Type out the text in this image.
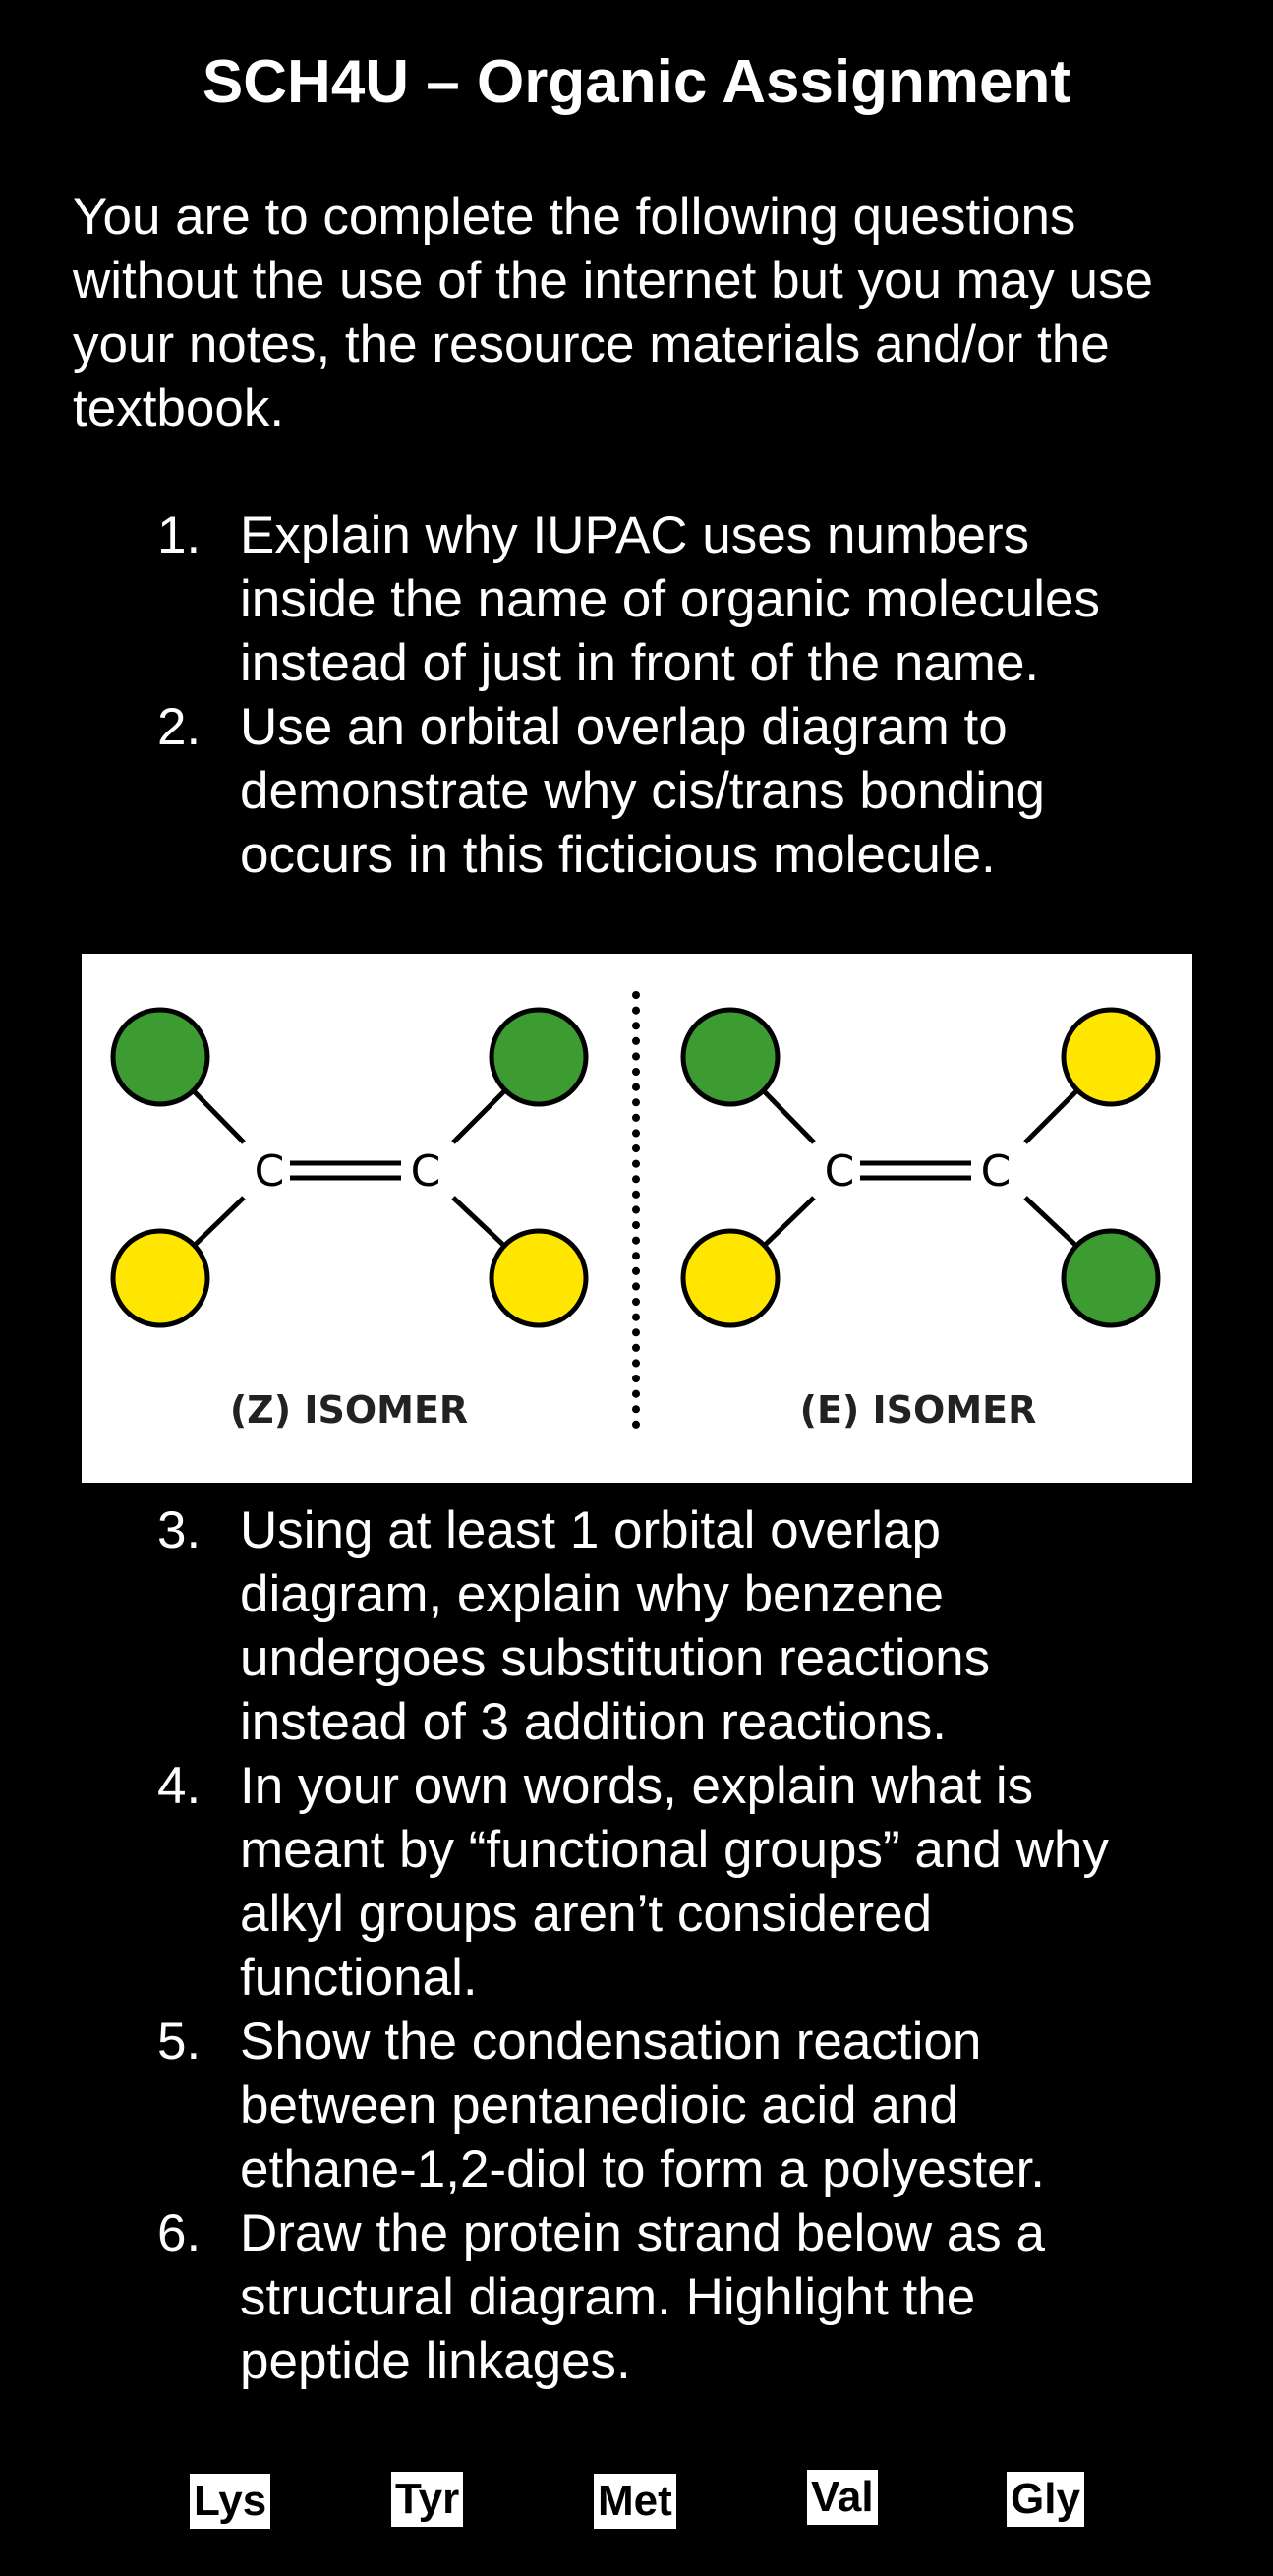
SCH4U – Organic Assignment
You are to complete the following questions without the use of the internet but you may use your notes, the resource materials and/or the textbook.
1. Explain why IUPAC uses numbers
inside the name of organic molecules
instead of just in front of the name.
2. Use an orbital overlap diagram to
demonstrate why cis/trans bonding
occurs in this ficticious molecule.
C	C
(Z) ISOMER
C	C
(E) ISOMER
3. Using at least 1 orbital overlap
diagram, explain why benzene
undergoes substitution reactions
instead of 3 addition reactions.
4. In your own words, explain what is
meant by “functional groups” and why
alkyl groups aren’t considered
functional.
5. Show the condensation reaction
between pentanedioic acid and
ethane-1,2-diol to form a polyester.
6. Draw the protein strand below as a
structural diagram. Highlight the
peptide linkages.
Lys	Tyr	Met	Val	Gly
